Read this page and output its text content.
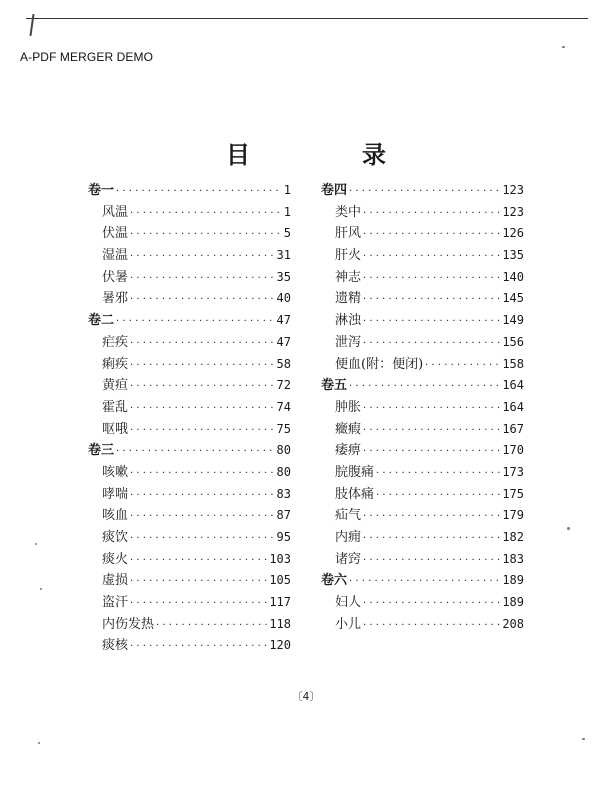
A-PDF MERGER DEMO
目　录
卷一 ·····	1
风温 ·····	1
伏温 ·····	5
湿温 ·····	31
伏暑 ·····	35
暑邪 ·····	40
卷二 ·····	47
疟疾 ·····	47
痢疾 ·····	58
黄疸 ·····	72
霍乱 ·····	74
呕哦 ·····	75
卷三 ·····	80
咳嗽 ·····	80
哮喘 ·····	83
咳血 ·····	87
痰饮 ·····	95
痰火 ·····	103
虚损 ·····	105
盗汗 ·····	117
内伤发热 ·····	118
痰核 ·····	120
卷四 ·····	123
类中 ·····	123
肝风 ·····	126
肝火 ·····	135
神志 ·····	140
遗精 ·····	145
淋浊 ·····	149
泄泻 ·····	156
便血(附：便闭) ·····	158
卷五 ·····	164
肿胀 ·····	164
癥瘕 ·····	167
痿痹 ·····	170
脘腹痛 ·····	173
肢体痛 ·····	175
疝气 ·····	179
内痈 ·····	182
诸窍 ·····	183
卷六 ·····	189
妇人 ·····	189
小儿 ·····	208
〔4〕
